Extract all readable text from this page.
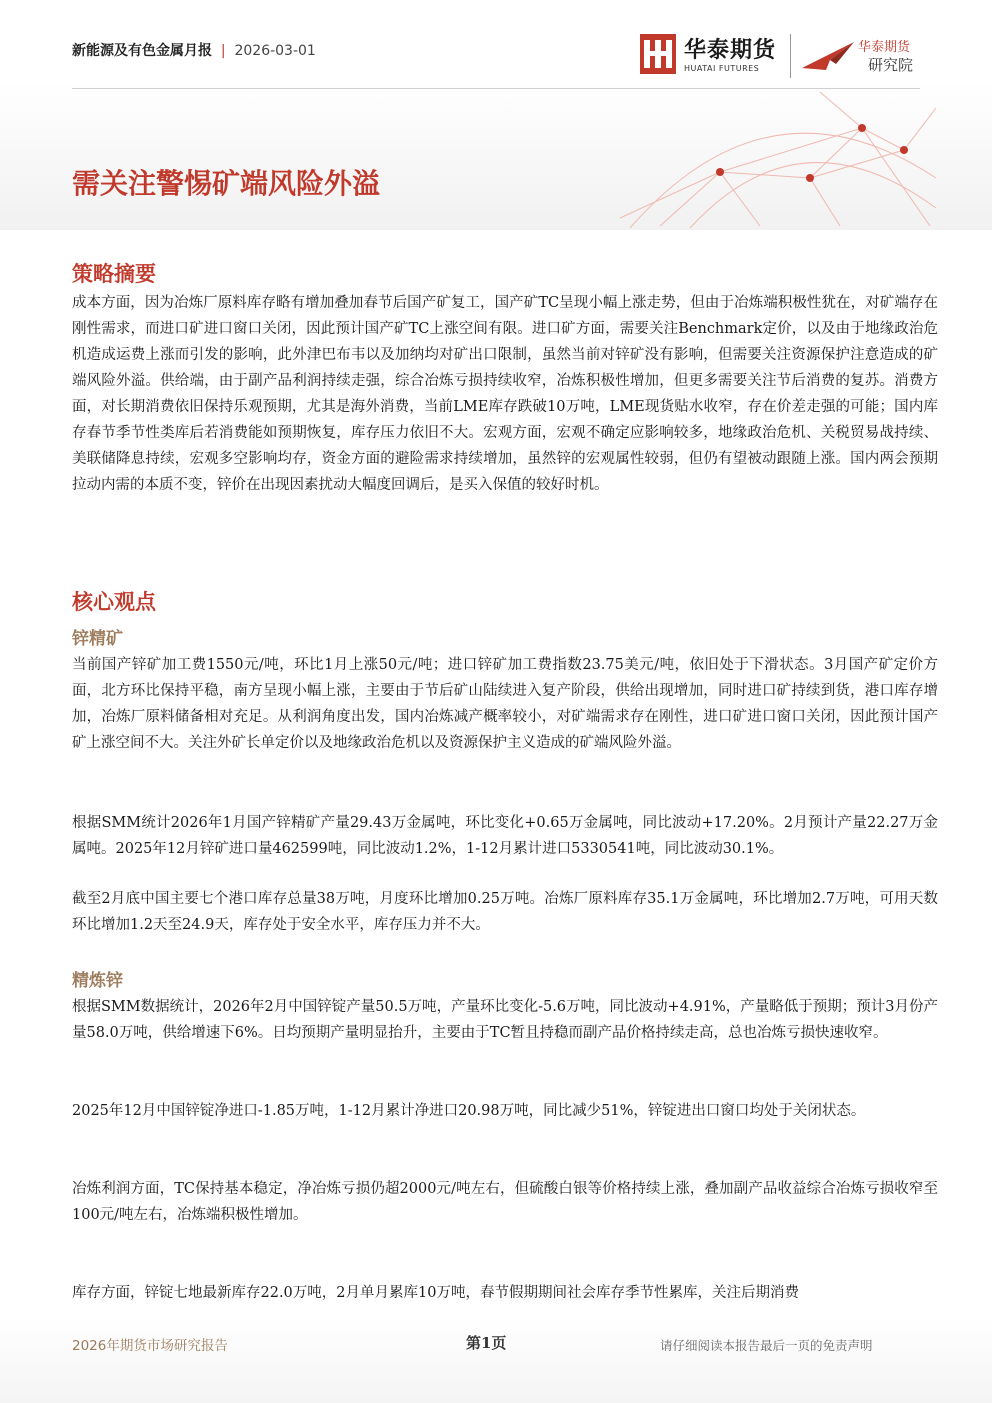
新能源及有色金属月报 | 2026-03-01	华泰期货
HUATAI FUTURES
华泰期货
研究院
需关注警惕矿端风险外溢
策略摘要

成本方面，因为冶炼厂原料库存略有增加叠加春节后国产矿复工，国产矿TC呈现小幅上涨走势，但由于冶炼端积极性犹在，对矿端存在刚性需求，而进口矿进口窗口关闭，因此预计国产矿TC上涨空间有限。进口矿方面，需要关注Benchmark定价，以及由于地缘政治危机造成运费上涨而引发的影响，此外津巴布韦以及加纳均对矿出口限制，虽然当前对锌矿没有影响，但需要关注资源保护注意造成的矿端风险外溢。供给端，由于副产品利润持续走强，综合冶炼亏损持续收窄，冶炼积极性增加，但更多需要关注节后消费的复苏。消费方面，对长期消费依旧保持乐观预期，尤其是海外消费，当前LME库存跌破10万吨，LME现货贴水收窄，存在价差走强的可能；国内库存春节季节性类库后若消费能如预期恢复，库存压力依旧不大。宏观方面，宏观不确定应影响较多，地缘政治危机、关税贸易战持续、美联储降息持续，宏观多空影响均存，资金方面的避险需求持续增加，虽然锌的宏观属性较弱，但仍有望被动跟随上涨。国内两会预期拉动内需的本质不变，锌价在出现因素扰动大幅度回调后，是买入保值的较好时机。

核心观点
锌精矿

当前国产锌矿加工费1550元/吨，环比1月上涨50元/吨；进口锌矿加工费指数23.75美元/吨，依旧处于下滑状态。3月国产矿定价方面，北方环比保持平稳，南方呈现小幅上涨，主要由于节后矿山陆续进入复产阶段，供给出现增加，同时进口矿持续到货，港口库存增加，冶炼厂原料储备相对充足。从利润角度出发，国内冶炼减产概率较小，对矿端需求存在刚性，进口矿进口窗口关闭，因此预计国产矿上涨空间不大。关注外矿长单定价以及地缘政治危机以及资源保护主义造成的矿端风险外溢。

根据SMM统计2026年1月国产锌精矿产量29.43万金属吨，环比变化+0.65万金属吨，同比波动+17.20%。2月预计产量22.27万金属吨。2025年12月锌矿进口量462599吨，同比波动1.2%，1-12月累计进口5330541吨，同比波动30.1%。

截至2月底中国主要七个港口库存总量38万吨，月度环比增加0.25万吨。冶炼厂原料库存35.1万金属吨，环比增加2.7万吨，可用天数环比增加1.2天至24.9天，库存处于安全水平，库存压力并不大。

精炼锌

根据SMM数据统计，2026年2月中国锌锭产量50.5万吨，产量环比变化-5.6万吨，同比波动+4.91%，产量略低于预期；预计3月份产量58.0万吨，供给增速下6%。日均预期产量明显抬升，主要由于TC暂且持稳而副产品价格持续走高，总也冶炼亏损快速收窄。

2025年12月中国锌锭净进口-1.85万吨，1-12月累计净进口20.98万吨，同比减少51%，锌锭进出口窗口均处于关闭状态。

冶炼利润方面，TC保持基本稳定，净冶炼亏损仍超2000元/吨左右，但硫酸白银等价格持续上涨，叠加副产品收益综合冶炼亏损收窄至100元/吨左右，冶炼端积极性增加。

库存方面，锌锭七地最新库存22.0万吨，2月单月累库10万吨，春节假期期间社会库存季节性累库，关注后期消费

2026年期货市场研究报告	第1页	请仔细阅读本报告最后一页的免责声明
